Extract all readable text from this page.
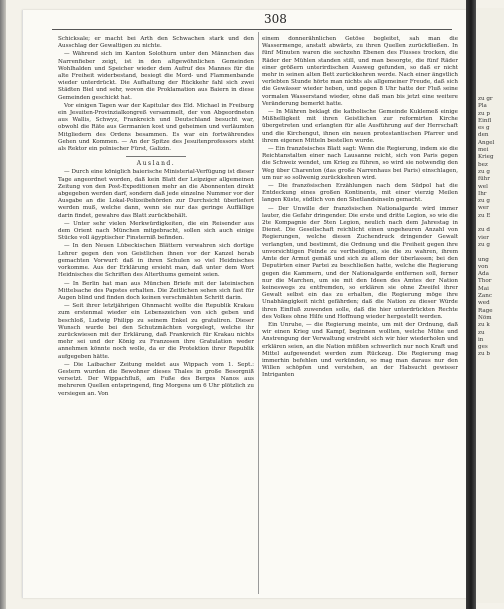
308

Schicksale; er macht bei Arth den Schwachen stark und den Ausschlag der Gewaltigen zu nichte.

— Während sich im Kanton Solothurn unter den Männchen das Narrenfieber zeigt, ist in den altgewöhnlichen Gemeinden Wohlhalden und Speicher wieder dem Aufruf des Mannes für die alte Freiheit widerbestand, besiegt die Mord- und Flammenbande wieder unterdrückt. Die Aufhaltung der Rückkehr fahl sich zwei Städten Biel und sehr, wovon die Proklamation aus Baiern in diese Gemeinden geschickt hat.

Vor einigen Tagen war der Kapitular des Eld. Michael in Freiburg ein Jesuiten-Provinzialkongreß versammelt, der von Abgeordneten aus Wallis, Schwyz, Frankreich und Deutschland besucht war, obwohl die Räte aus Germanien kost und geheimen und verläumten Mitgliedern des Ordens besammen. Es war ein fortwährendes Gehen und Kommen. — An der Spitze des Jesuitenprofessors steht als Rektor ein polnischer Fürst, Galizin.

Ausland.

— Durch eine königlich baierische Ministerial-Verfügung ist dieser Tage angeordnet worden, daß kein Blatt der Leipziger allgemeinen Zeitung von den Post-Expeditionen mehr an die Abonnenten direkt abgegeben werden darf, sondern daß jede einzelne Nummer vor der Ausgabe an die Lokal-Polizeibehörden zur Durchsicht überliefert werden muß, welche dann, wenn sie nur das geringe Auffällige darin findet, gewahre das Blatt zurückbehält.

— Unter sehr vielen Merkwürdigkeiten, die ein Reisender aus dem Orient nach München mitgebracht, sollen sich auch einige Stücke voll ägyptischer Finsterniß befinden.

— In den Neuen Lübeckischen Blättern verwahren sich dortige Lehrer gegen den von Geistlichen ihnen vor der Kanzel herab gemachten Vorwurf: daß in ihren Schulen so viel Heidnisches vorkomme. Aus der Erklärung ersieht man, daß unter dem Wort Heidnisches die Schriften des Alterthums gemeint seien.

— In Berlin hat man aus München Briefe mit der lateinischen Mittelsache des Papstes erhalten. Die Zeitlichen sehen sich fast für Augen blind und finden doch keinen verschmähten Schritt darin.

— Seit ihrer letztjährigen Ohnmacht wollte die Republik Krakau zum erstenmal wieder ein Lebenszeichen von sich geben und beschloß, Ludwig Philipp zu seinem Enkel zu gratuliren. Dieser Wunsch wurde bei den Schutzmächten vorgelegt, welche ihr zurückwiesen mit der Erklärung, daß Frankreich für Krakau nichts mehr sei und der König zu Franzosen ihre Gratulation weder annehmen könnte noch wolle, da er die Protektion ihrer Republik aufgegeben hätte.

— Die Laibacher Zeitung meldet aus Wippach vom 1. Sept.: Gestern wurden die Bewohner dieses Thales in große Besorgniß versetzt. Der Wippachfluß, am Fuße des Berges Nanos aus mehreren Quellen entspringend, fing Morgens um 6 Uhr plötzlich zu versiegen an. Von

einem donnerähnlichen Getöse begleitet, sah man die Wassermenge, anstatt abwärts, zu ihren Quellen zurückfließen. In fünf Minuten waren die sechzehn Ebenen des Flusses trocken, die Räder der Mühlen standen still, und man besorgte, die fünf Räder einer größern unterirdischen Ausweg gefunden, so daß er nicht mehr in seinen alten Bett zurückkehren werde. Nach einer ängstlich verlebten Stunde hörte man nichts als allgemeiner Freude, daß sich die Gewässer wieder heben, und gegen 8 Uhr hatte der Fluß seine vormalen Wasserstand wieder, ohne daß man bis jetzt eine weitere Veränderung bemerkt hatte.

— In Mähren beklagt die katholische Gemeinde Kuklemeß einige Mißhelligkeit mit ihren Geistlichen zur reformirten Kirche übergetreten und erlangten für alle Ausführung auf der Herrschaft und die Kirchengut, ihnen ein neuen protestantischen Pfarrer und ihrem eigenen Mitteln bestellen wurde.

— Ein französisches Blatt sagt: Wenn die Regierung, indem sie die Reichtanstalten einer nach Lausanne reicht, sich von Paris gegen die Schweiz wendet, um Krieg zu führen, so wird sie notwendig den Weg über Charenton (das große Narrenhaus bei Paris) einschlagen, um nur so sollwenig zurückkehren wird.

— Die französischen Erzählungen nach dem Südpol hat die Entdeckung eines großen Kontinents, mit einer vierzig Meilen langen Küste, südlich von den Shetlandsinseln gemacht.

— Der Unwille der französischen Nationalgarde wird immer lauter, die Gefahr dringender. Die erste und dritte Legion, so wie die 2te Kompagnie der 5ten Legion, neulich nach dem Jahrestag in Dienst. Die Gesellschaft reichlicht einen ungeheuren Anzahl von Regierungen, welche diesen Zuchendruck dringender Gewalt verlangten, und bestimmt, die Ordnung und die Freiheit gegen ihre unvorsichtigen Feinde zu vertheidigen, sie die zu wahren, ihrem Amte der Armut gemäß und sich zu allem der überlassen; bei den Deputirten einer Partei zu beschließen hatte, welche die Regierung gegen die Kammern, und der Nationalgarde entfernen soll, ferner nur die Marchen, um sie mit den Ideen des Amtes der Nation keineswegs zu entfremden, so erklären sie ohne Zweifel ihrer Gewalt selbst ein das zu erhalten, die Regierung möge ihre Unabhängigkeit nicht gefährden; daß die Nation zu dieser Würde ihren Einfluß zuwenden solle, daß die hier unterdrückten Rechte des Volkes ohne Hilfe und Hoffnung wieder hergestellt werden.

Ein Unruhe, — die Regierung meinte, um mit der Ordnung, daß wir einen Krieg und Kampf, beginnen wollten, welche Mühe und Anstrengung der Verwaltung erstrebt sich wir hier wiederholen und erklären seien, an die Nation müßten schwerlich nur noch Kraft und Mittel aufgewendet werden zum Rückzug. Die Regierung mag immerhin befehlen und verkünden, so mag man daraus nur den Willen schöpfen und verstehen, an der Habsucht gewisser Intriganten

zu gr
Pla
zu p
Einfl
es g
den
Angel
mei
Krieg
bez
zu g
führ
wel
Ihr
zu g
wer
zu E

zu d
vier
zu g

ung
von
Ada
Thor
Mai
Zanc
wed
Rage
Nöm
zu k
zu
in
ges
zu b
